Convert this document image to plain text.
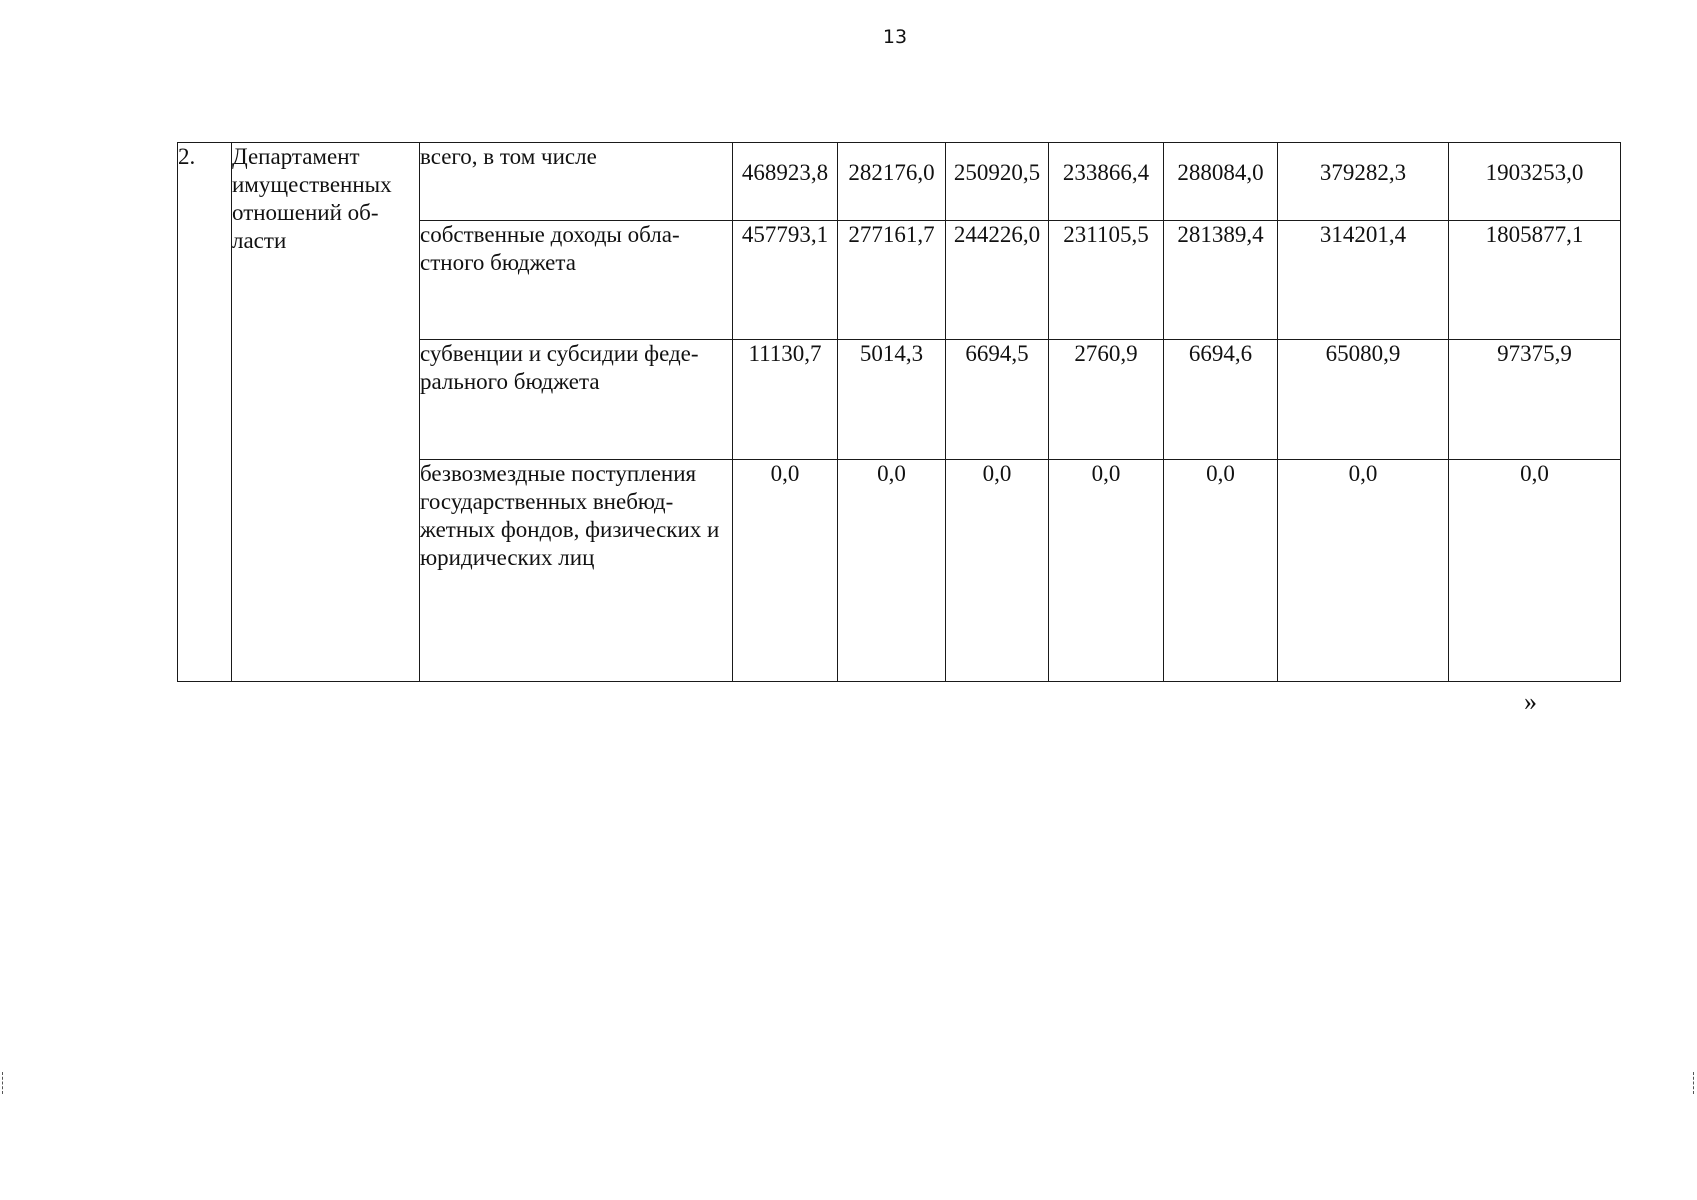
13
2.	Департамент имущественных отношений об-ласти	всего, в том числе	468923,8	282176,0	250920,5	233866,4	288084,0	379282,3	1903253,0
		собственные доходы обла-стного бюджета	457793,1	277161,7	244226,0	231105,5	281389,4	314201,4	1805877,1
		субвенции и субсидии феде-рального бюджета	11130,7	5014,3	6694,5	2760,9	6694,6	65080,9	97375,9
		безвозмездные поступления государственных внебюд-жетных фондов, физических и юридических лиц	0,0	0,0	0,0	0,0	0,0	0,0	0,0
»
